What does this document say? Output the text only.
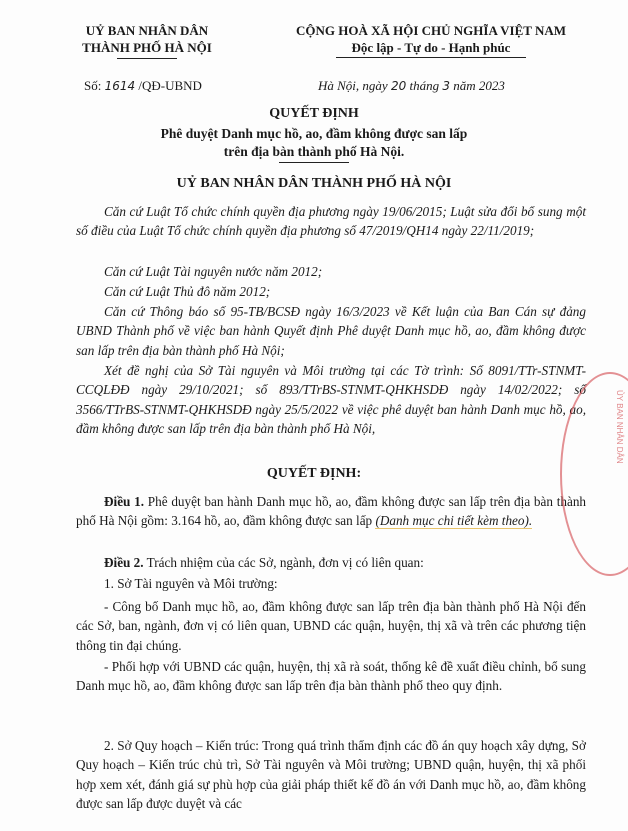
UỶ BAN NHÂN DÂN
THÀNH PHỐ HÀ NỘI
CỘNG HOÀ XÃ HỘI CHỦ NGHĨA VIỆT NAM
Độc lập - Tự do - Hạnh phúc
Số: 1614 /QĐ-UBND	Hà Nội, ngày 20 tháng 3 năm 2023
QUYẾT ĐỊNH
Phê duyệt Danh mục hồ, ao, đầm không được san lấp
trên địa bàn thành phố Hà Nội.
UỶ BAN NHÂN DÂN THÀNH PHỐ HÀ NỘI
Căn cứ Luật Tổ chức chính quyền địa phương ngày 19/06/2015; Luật sửa đổi bổ sung một số điều của Luật Tổ chức chính quyền địa phương số 47/2019/QH14 ngày 22/11/2019;
Căn cứ Luật Tài nguyên nước năm 2012;
Căn cứ Luật Thủ đô năm 2012;
Căn cứ Thông báo số 95-TB/BCSĐ ngày 16/3/2023 về Kết luận của Ban Cán sự đảng UBND Thành phố về việc ban hành Quyết định Phê duyệt Danh mục hồ, ao, đầm không được san lấp trên địa bàn thành phố Hà Nội;
Xét đề nghị của Sở Tài nguyên và Môi trường tại các Tờ trình: Số 8091/TTr-STNMT-CCQLĐĐ ngày 29/10/2021; số 893/TTrBS-STNMT-QHKHSDĐ ngày 14/02/2022; số 3566/TTrBS-STNMT-QHKHSDĐ ngày 25/5/2022 về việc phê duyệt ban hành Danh mục hồ, ao, đầm không được san lấp trên địa bàn thành phố Hà Nội,
QUYẾT ĐỊNH:
Điều 1. Phê duyệt ban hành Danh mục hồ, ao, đầm không được san lấp trên địa bàn thành phố Hà Nội gồm: 3.164 hồ, ao, đầm không được san lấp (Danh mục chi tiết kèm theo).
Điều 2. Trách nhiệm của các Sở, ngành, đơn vị có liên quan:
1. Sở Tài nguyên và Môi trường:
- Công bố Danh mục hồ, ao, đầm không được san lấp trên địa bàn thành phố Hà Nội đến các Sở, ban, ngành, đơn vị có liên quan, UBND các quận, huyện, thị xã và trên các phương tiện thông tin đại chúng.
- Phối hợp với UBND các quận, huyện, thị xã rà soát, thống kê đề xuất điều chỉnh, bổ sung Danh mục hồ, ao, đầm không được san lấp trên địa bàn thành phố theo quy định.
2. Sở Quy hoạch – Kiến trúc: Trong quá trình thẩm định các đồ án quy hoạch xây dựng, Sở Quy hoạch – Kiến trúc chủ trì, Sở Tài nguyên và Môi trường; UBND quận, huyện, thị xã phối hợp xem xét, đánh giá sự phù hợp của giải pháp thiết kế đồ án với Danh mục hồ, ao, đầm không được san lấp được duyệt và các
ỦY BAN NHÂN DÂN
